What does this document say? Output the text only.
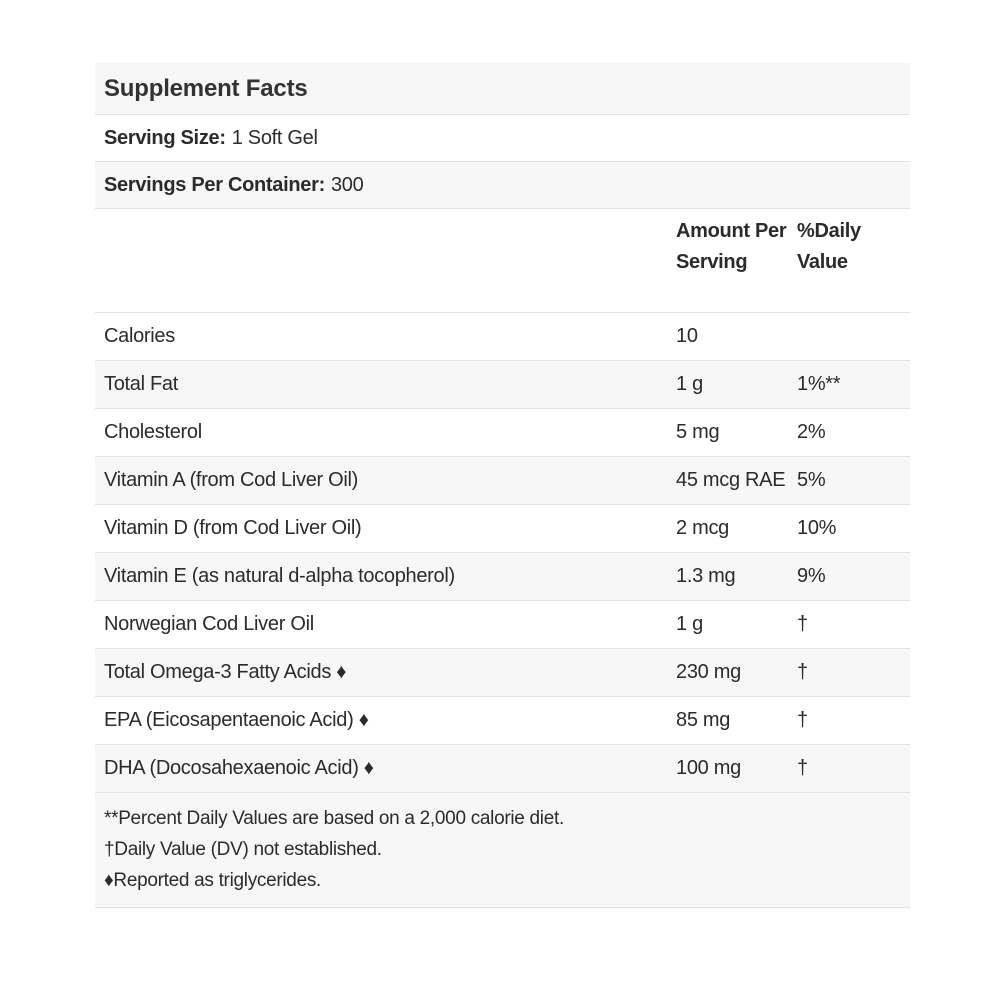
Supplement Facts
Serving Size: 1 Soft Gel
Servings Per Container: 300
	Amount Per Serving	%Daily Value
Calories	10	
Total Fat	1 g	1%**
Cholesterol	5 mg	2%
Vitamin A (from Cod Liver Oil)	45 mcg RAE	5%
Vitamin D (from Cod Liver Oil)	2 mcg	10%
Vitamin E (as natural d-alpha tocopherol)	1.3 mg	9%
Norwegian Cod Liver Oil	1 g	†
Total Omega-3 Fatty Acids ♦	230 mg	†
EPA (Eicosapentaenoic Acid) ♦	85 mg	†
DHA (Docosahexaenoic Acid) ♦	100 mg	†
**Percent Daily Values are based on a 2,000 calorie diet.
†Daily Value (DV) not established.
♦Reported as triglycerides.
